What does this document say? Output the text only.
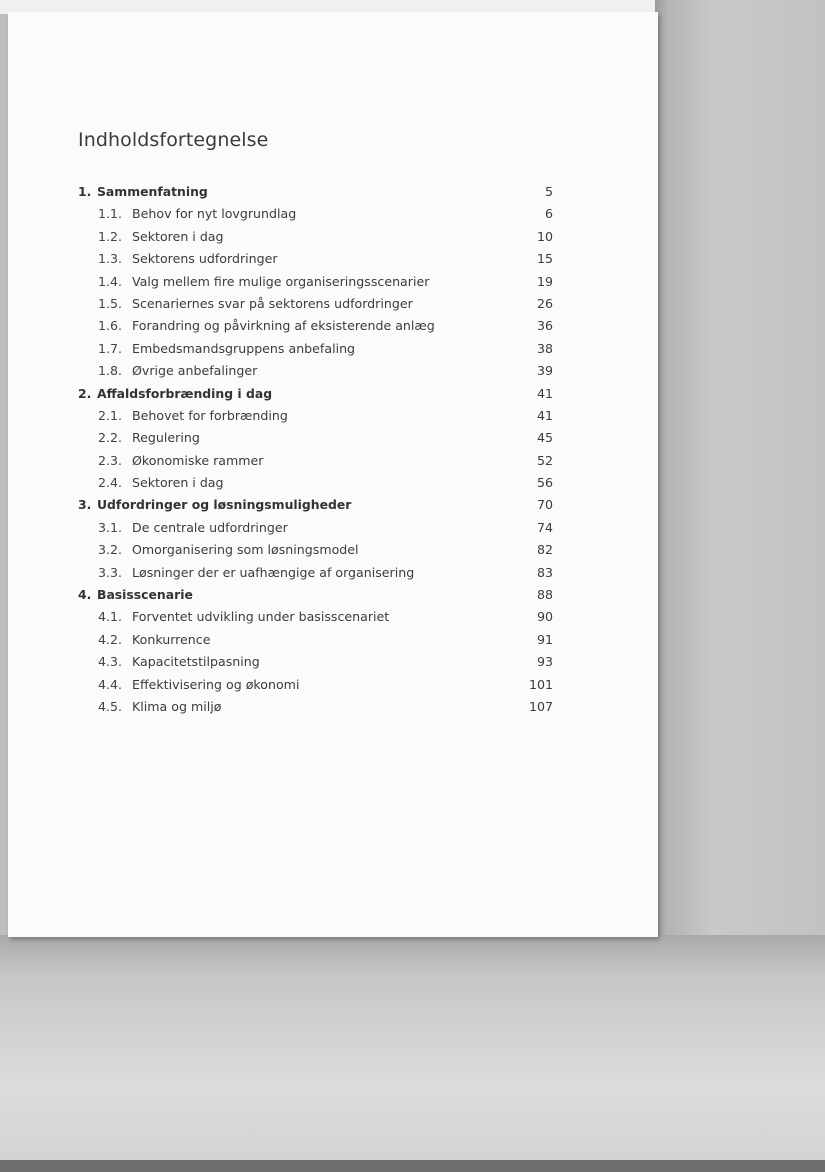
Indholdsfortegnelse
1. Sammenfatning	5
1.1. Behov for nyt lovgrundlag	6
1.2. Sektoren i dag	10
1.3. Sektorens udfordringer	15
1.4. Valg mellem fire mulige organiseringsscenarier	19
1.5. Scenariernes svar på sektorens udfordringer	26
1.6. Forandring og påvirkning af eksisterende anlæg	36
1.7. Embedsmandsgruppens anbefaling	38
1.8. Øvrige anbefalinger	39
2. Affaldsforbrænding i dag	41
2.1. Behovet for forbrænding	41
2.2. Regulering	45
2.3. Økonomiske rammer	52
2.4. Sektoren i dag	56
3. Udfordringer og løsningsmuligheder	70
3.1. De centrale udfordringer	74
3.2. Omorganisering som løsningsmodel	82
3.3. Løsninger der er uafhængige af organisering	83
4. Basisscenarie	88
4.1. Forventet udvikling under basisscenariet	90
4.2. Konkurrence	91
4.3. Kapacitetstilpasning	93
4.4. Effektivisering og økonomi	101
4.5. Klima og miljø	107
